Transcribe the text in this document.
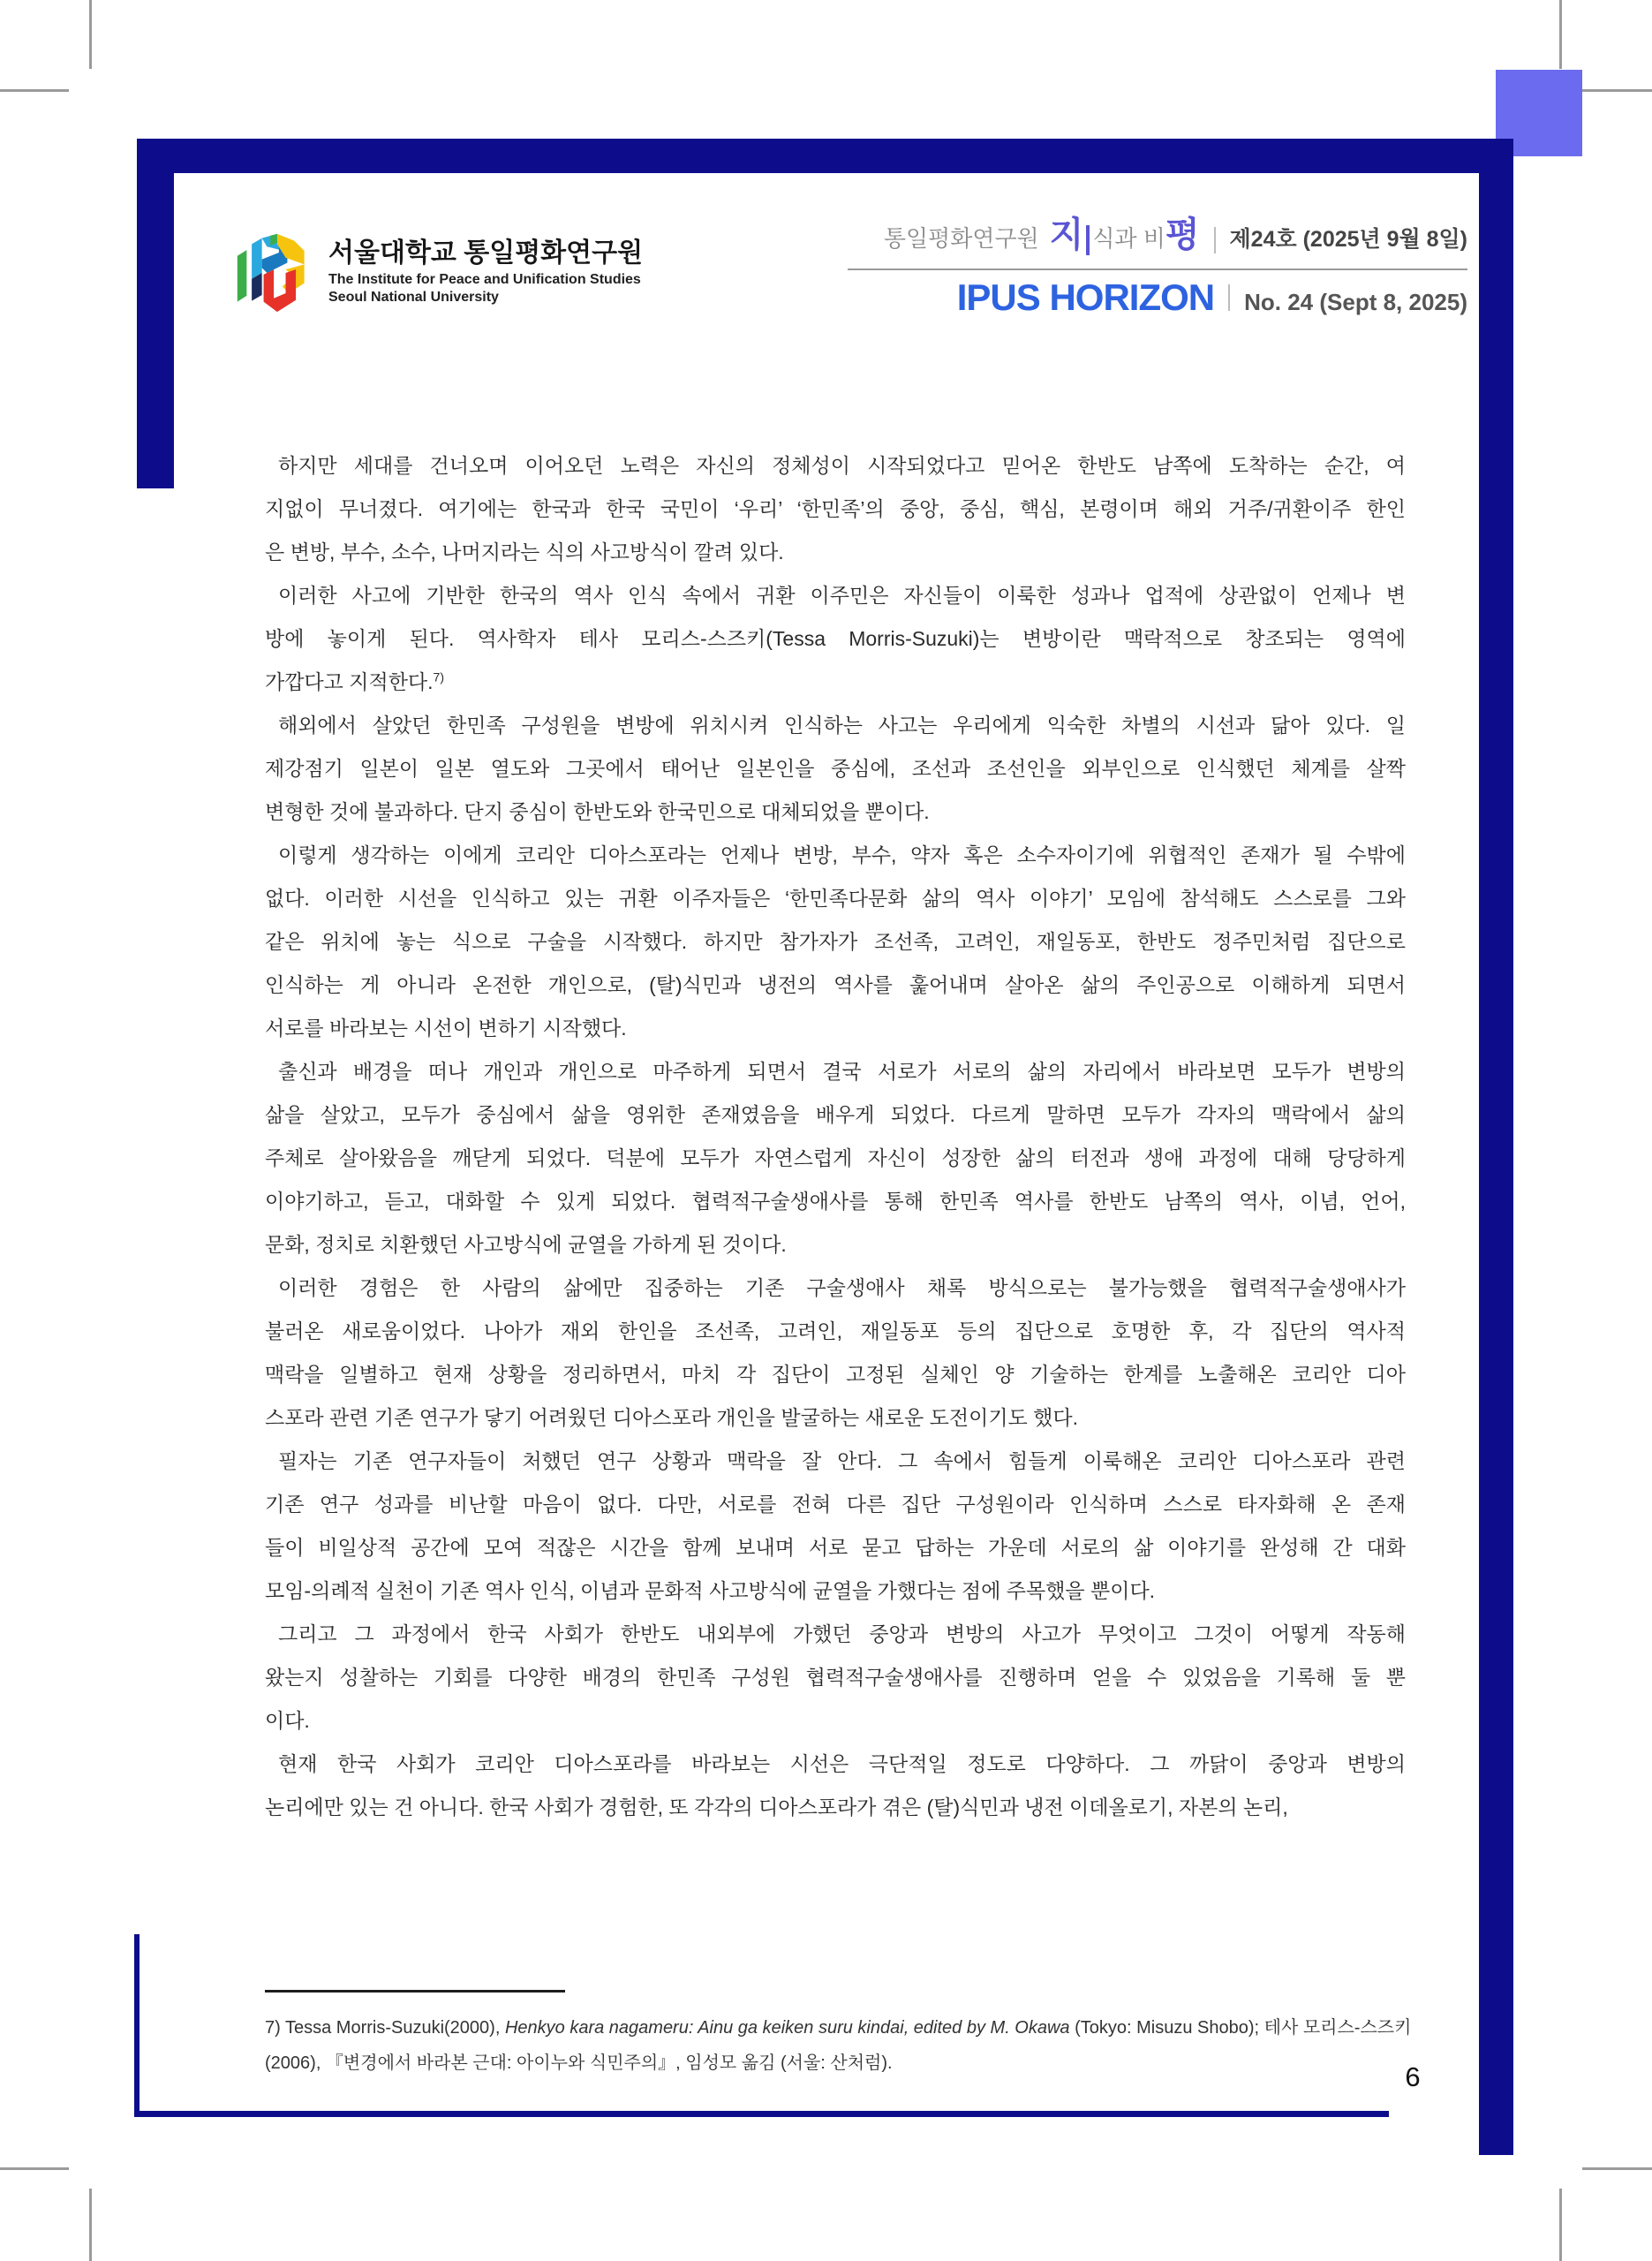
서울대학교 통일평화연구원
The Institute for Peace and Unification Studies
Seoul National University
통일평화연구원 지 식과 비 평 제24호 (2025년 9월 8일)
IPUS HORIZON No. 24 (Sept 8, 2025)
하지만 세대를 건너오며 이어오던 노력은 자신의 정체성이 시작되었다고 믿어온 한반도 남쪽에 도착하는 순간, 여
지없이 무너졌다. 여기에는 한국과 한국 국민이 ‘우리’ ‘한민족’의 중앙, 중심, 핵심, 본령이며 해외 거주/귀환이주 한인
은 변방, 부수, 소수, 나머지라는 식의 사고방식이 깔려 있다.
이러한 사고에 기반한 한국의 역사 인식 속에서 귀환 이주민은 자신들이 이룩한 성과나 업적에 상관없이 언제나 변
방에 놓이게 된다. 역사학자 테사 모리스-스즈키(Tessa Morris-Suzuki)는 변방이란 맥락적으로 창조되는 영역에
가깝다고 지적한다.$^{7)}$
해외에서 살았던 한민족 구성원을 변방에 위치시켜 인식하는 사고는 우리에게 익숙한 차별의 시선과 닮아 있다. 일
제강점기 일본이 일본 열도와 그곳에서 태어난 일본인을 중심에, 조선과 조선인을 외부인으로 인식했던 체계를 살짝
변형한 것에 불과하다. 단지 중심이 한반도와 한국민으로 대체되었을 뿐이다.
이렇게 생각하는 이에게 코리안 디아스포라는 언제나 변방, 부수, 약자 혹은 소수자이기에 위협적인 존재가 될 수밖에
없다. 이러한 시선을 인식하고 있는 귀환 이주자들은 ‘한민족다문화 삶의 역사 이야기’ 모임에 참석해도 스스로를 그와
같은 위치에 놓는 식으로 구술을 시작했다. 하지만 참가자가 조선족, 고려인, 재일동포, 한반도 정주민처럼 집단으로
인식하는 게 아니라 온전한 개인으로, (탈)식민과 냉전의 역사를 훑어내며 살아온 삶의 주인공으로 이해하게 되면서
서로를 바라보는 시선이 변하기 시작했다.
출신과 배경을 떠나 개인과 개인으로 마주하게 되면서 결국 서로가 서로의 삶의 자리에서 바라보면 모두가 변방의
삶을 살았고, 모두가 중심에서 삶을 영위한 존재였음을 배우게 되었다. 다르게 말하면 모두가 각자의 맥락에서 삶의
주체로 살아왔음을 깨닫게 되었다. 덕분에 모두가 자연스럽게 자신이 성장한 삶의 터전과 생애 과정에 대해 당당하게
이야기하고, 듣고, 대화할 수 있게 되었다. 협력적구술생애사를 통해 한민족 역사를 한반도 남쪽의 역사, 이념, 언어,
문화, 정치로 치환했던 사고방식에 균열을 가하게 된 것이다.
이러한 경험은 한 사람의 삶에만 집중하는 기존 구술생애사 채록 방식으로는 불가능했을 협력적구술생애사가
불러온 새로움이었다. 나아가 재외 한인을 조선족, 고려인, 재일동포 등의 집단으로 호명한 후, 각 집단의 역사적
맥락을 일별하고 현재 상황을 정리하면서, 마치 각 집단이 고정된 실체인 양 기술하는 한계를 노출해온 코리안 디아
스포라 관련 기존 연구가 닿기 어려웠던 디아스포라 개인을 발굴하는 새로운 도전이기도 했다.
필자는 기존 연구자들이 처했던 연구 상황과 맥락을 잘 안다. 그 속에서 힘들게 이룩해온 코리안 디아스포라 관련
기존 연구 성과를 비난할 마음이 없다. 다만, 서로를 전혀 다른 집단 구성원이라 인식하며 스스로 타자화해 온 존재
들이 비일상적 공간에 모여 적잖은 시간을 함께 보내며 서로 묻고 답하는 가운데 서로의 삶 이야기를 완성해 간 대화
모임-의례적 실천이 기존 역사 인식, 이념과 문화적 사고방식에 균열을 가했다는 점에 주목했을 뿐이다.
그리고 그 과정에서 한국 사회가 한반도 내외부에 가했던 중앙과 변방의 사고가 무엇이고 그것이 어떻게 작동해
왔는지 성찰하는 기회를 다양한 배경의 한민족 구성원 협력적구술생애사를 진행하며 얻을 수 있었음을 기록해 둘 뿐
이다.
현재 한국 사회가 코리안 디아스포라를 바라보는 시선은 극단적일 정도로 다양하다. 그 까닭이 중앙과 변방의
논리에만 있는 건 아니다. 한국 사회가 경험한, 또 각각의 디아스포라가 겪은 (탈)식민과 냉전 이데올로기, 자본의 논리,
7) Tessa Morris-Suzuki(2000), Henkyo kara nagameru: Ainu ga keiken suru kindai, edited by M. Okawa (Tokyo: Misuzu Shobo); 테사 모리스-스즈키
(2006), 『변경에서 바라본 근대: 아이누와 식민주의』, 임성모 옮김 (서울: 산처럼).	6
